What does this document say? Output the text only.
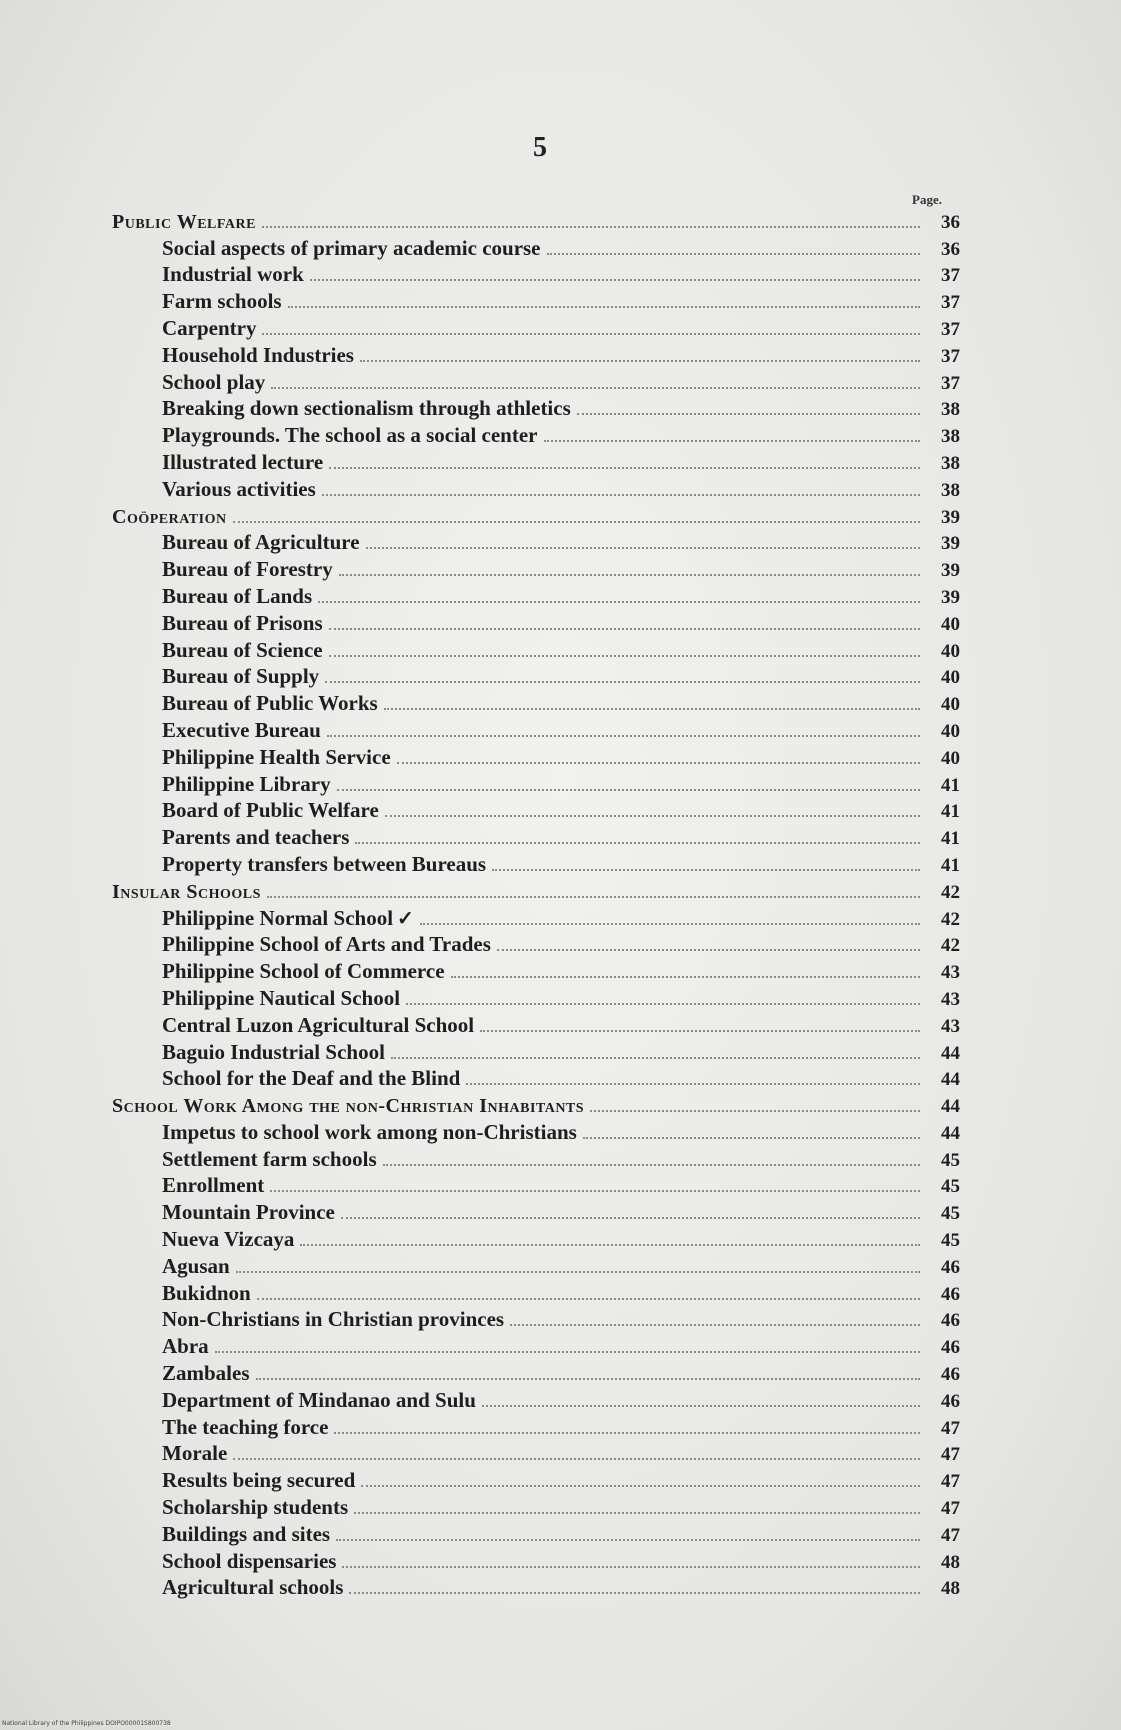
5
Page.
Public Welfare	36
Social aspects of primary academic course	36
Industrial work	37
Farm schools	37
Carpentry	37
Household Industries	37
School play	37
Breaking down sectionalism through athletics	38
Playgrounds. The school as a social center	38
Illustrated lecture	38
Various activities	38
Coöperation	39
Bureau of Agriculture	39
Bureau of Forestry	39
Bureau of Lands	39
Bureau of Prisons	40
Bureau of Science	40
Bureau of Supply	40
Bureau of Public Works	40
Executive Bureau	40
Philippine Health Service	40
Philippine Library	41
Board of Public Welfare	41
Parents and teachers	41
Property transfers between Bureaus	41
Insular Schools	42
Philippine Normal School ✓	42
Philippine School of Arts and Trades	42
Philippine School of Commerce	43
Philippine Nautical School	43
Central Luzon Agricultural School	43
Baguio Industrial School	44
School for the Deaf and the Blind	44
School Work Among the non-Christian Inhabitants	44
Impetus to school work among non-Christians	44
Settlement farm schools	45
Enrollment	45
Mountain Province	45
Nueva Vizcaya	45
Agusan	46
Bukidnon	46
Non-Christians in Christian provinces	46
Abra	46
Zambales	46
Department of Mindanao and Sulu	46
The teaching force	47
Morale	47
Results being secured	47
Scholarship students	47
Buildings and sites	47
School dispensaries	48
Agricultural schools	48
National Library of the Philippines DOIPO00001S800738
